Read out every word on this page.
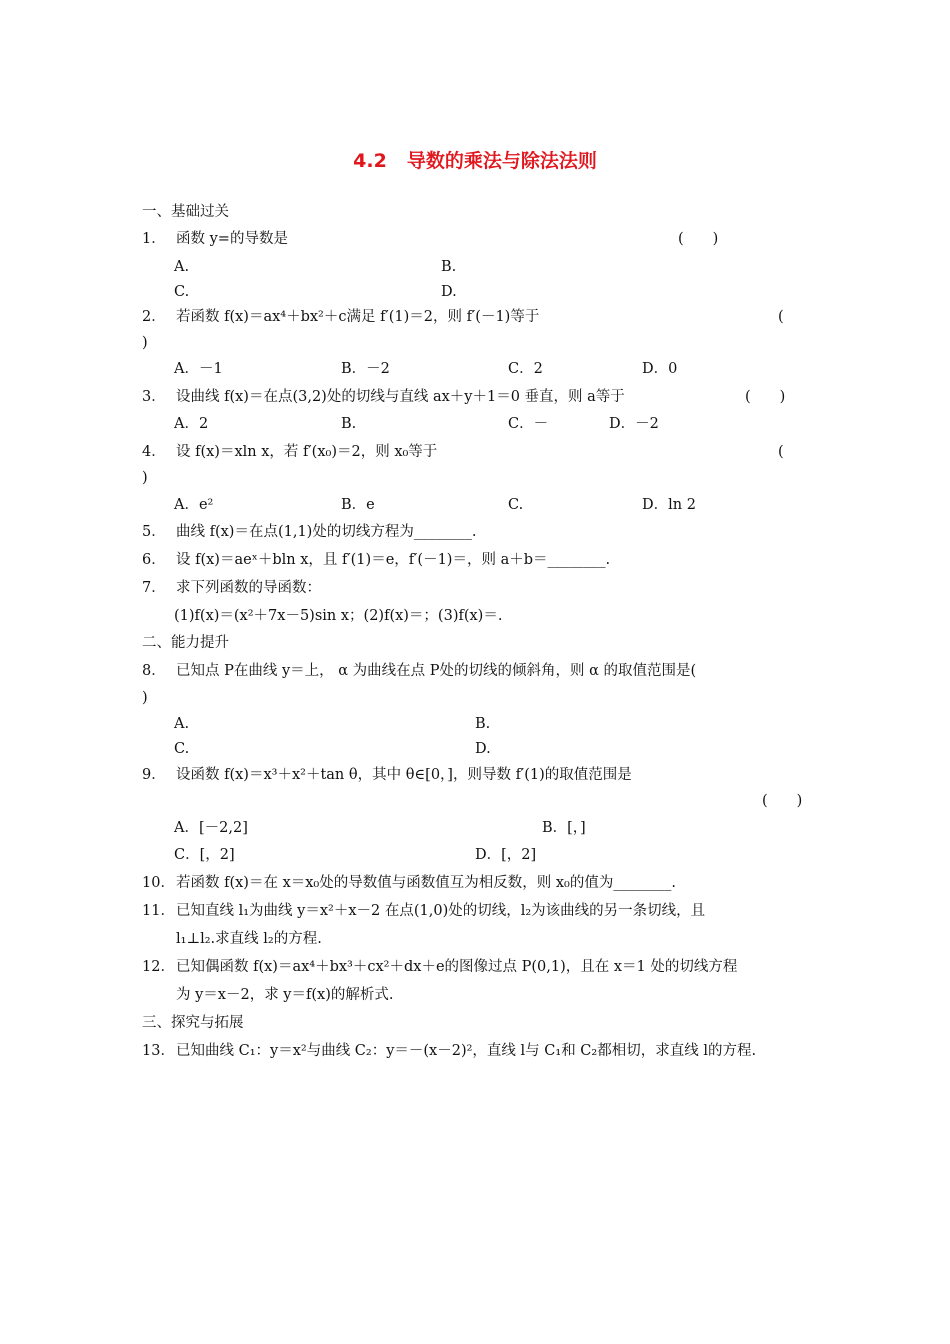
4.2 导数的乘法与除法法则
一、基础过关
1． 函数 y=的导数是	(　　)
A.	B.
C.	D.
2． 若函数 f(x)＝ax⁴＋bx²＋c满足 f′(1)＝2，则 f′(－1)等于	(
)
A．－1	B．－2	C．2	D．0
3． 设曲线 f(x)＝在点(3,2)处的切线与直线 ax＋y＋1＝0 垂直，则 a等于	(　　)
A．2	B.	C．－	D．－2
4． 设 f(x)＝xln x，若 f′(x₀)＝2，则 x₀等于	(
)
A．e²	B．e	C.	D．ln 2
5． 曲线 f(x)＝在点(1,1)处的切线方程为________.
6． 设 f(x)＝aeˣ＋bln x，且 f′(1)＝e，f′(－1)＝，则 a＋b＝________.
7． 求下列函数的导函数：
(1)f(x)＝(x²＋7x－5)sin x；(2)f(x)＝；(3)f(x)＝.
二、能力提升
8． 已知点 P在曲线 y＝上， α 为曲线在点 P处的切线的倾斜角，则 α 的取值范围是(
)
A.	B.
C.	D.
9． 设函数 f(x)＝x³＋x²＋tan θ，其中 θ∈[0，]，则导数 f′(1)的取值范围是
(　　)
A．[－2,2]	B．[，]
C．[，2]	D．[，2]
10．若函数 f(x)＝在 x＝x₀处的导数值与函数值互为相反数，则 x₀的值为________.
11．已知直线 l₁为曲线 y＝x²＋x－2 在点(1,0)处的切线，l₂为该曲线的另一条切线，且
l₁⊥l₂.求直线 l₂的方程.
12．已知偶函数 f(x)＝ax⁴＋bx³＋cx²＋dx＋e的图像过点 P(0,1)，且在 x＝1 处的切线方程
为 y＝x－2，求 y＝f(x)的解析式.
三、探究与拓展
13．已知曲线 C₁：y＝x²与曲线 C₂：y＝－(x－2)²，直线 l与 C₁和 C₂都相切，求直线 l的方程.
